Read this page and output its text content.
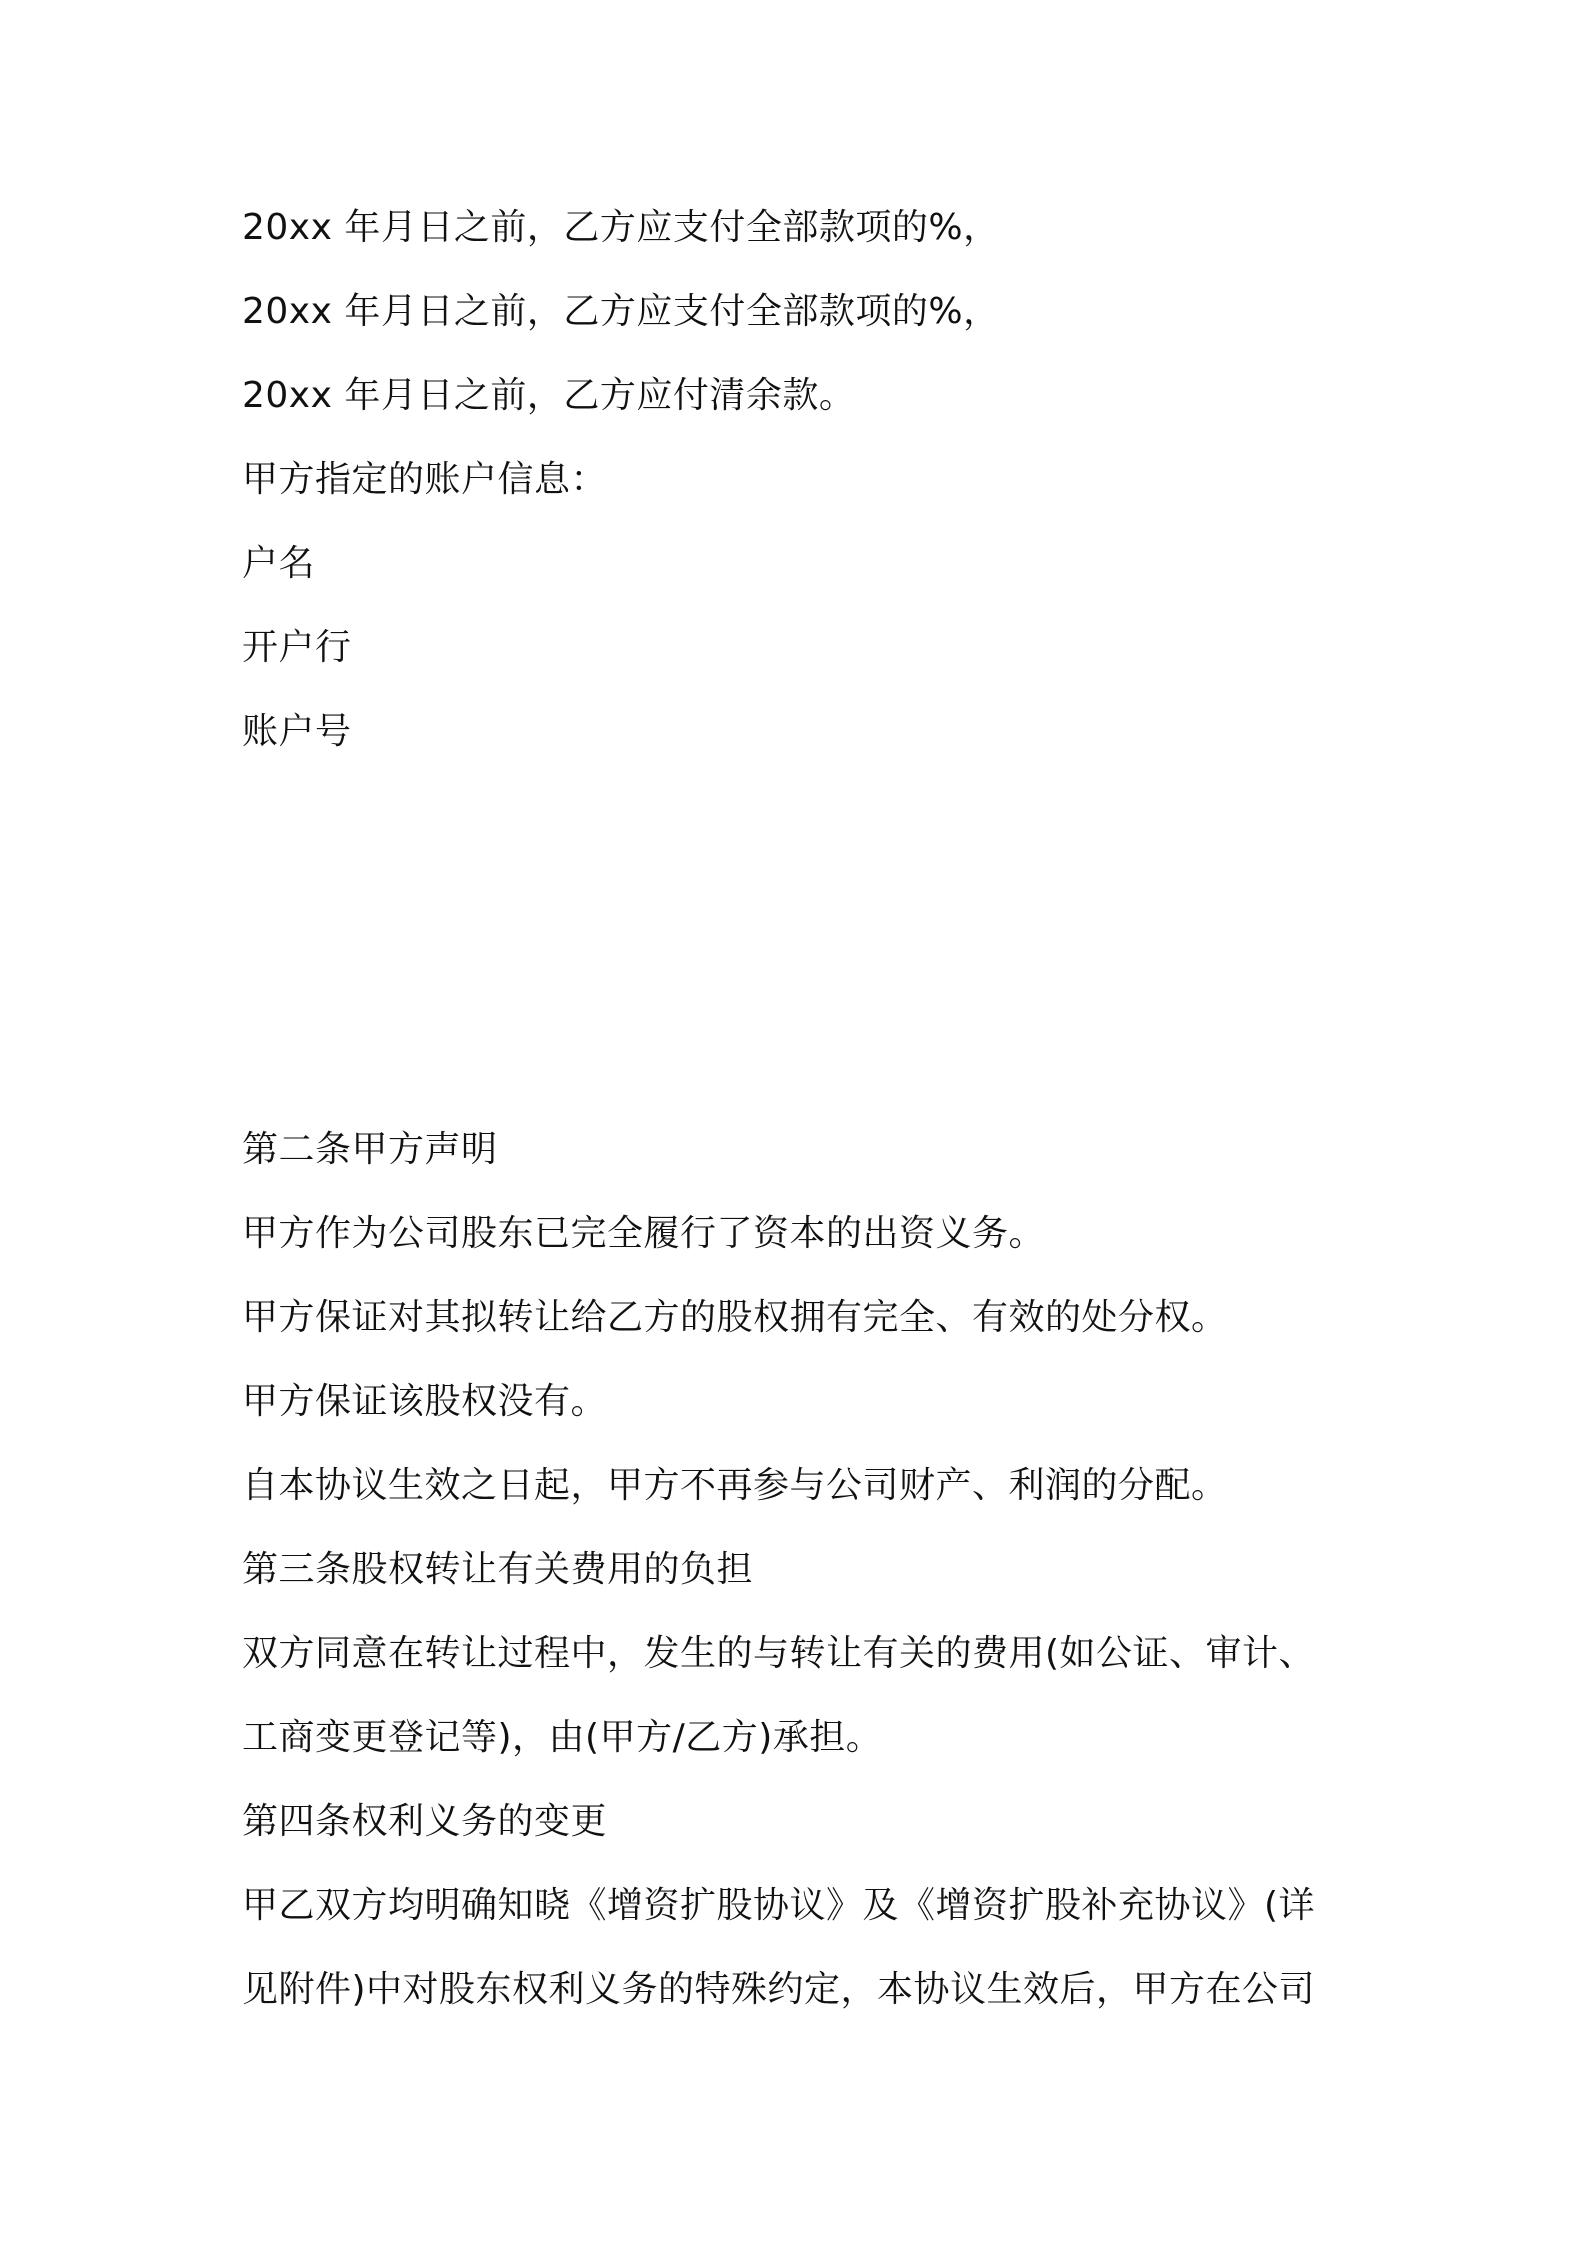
20xx 年月日之前，乙方应支付全部款项的%，
20xx 年月日之前，乙方应支付全部款项的%，
20xx 年月日之前，乙方应付清余款。
甲方指定的账户信息：
户名
开户行
账户号
第二条甲方声明
甲方作为公司股东已完全履行了资本的出资义务。
甲方保证对其拟转让给乙方的股权拥有完全、有效的处分权。
甲方保证该股权没有。
自本协议生效之日起，甲方不再参与公司财产、利润的分配。
第三条股权转让有关费用的负担
双方同意在转让过程中，发生的与转让有关的费用(如公证、审计、
工商变更登记等)，由(甲方/乙方)承担。
第四条权利义务的变更
甲乙双方均明确知晓《增资扩股协议》及《增资扩股补充协议》(详
见附件)中对股东权利义务的特殊约定，本协议生效后，甲方在公司
